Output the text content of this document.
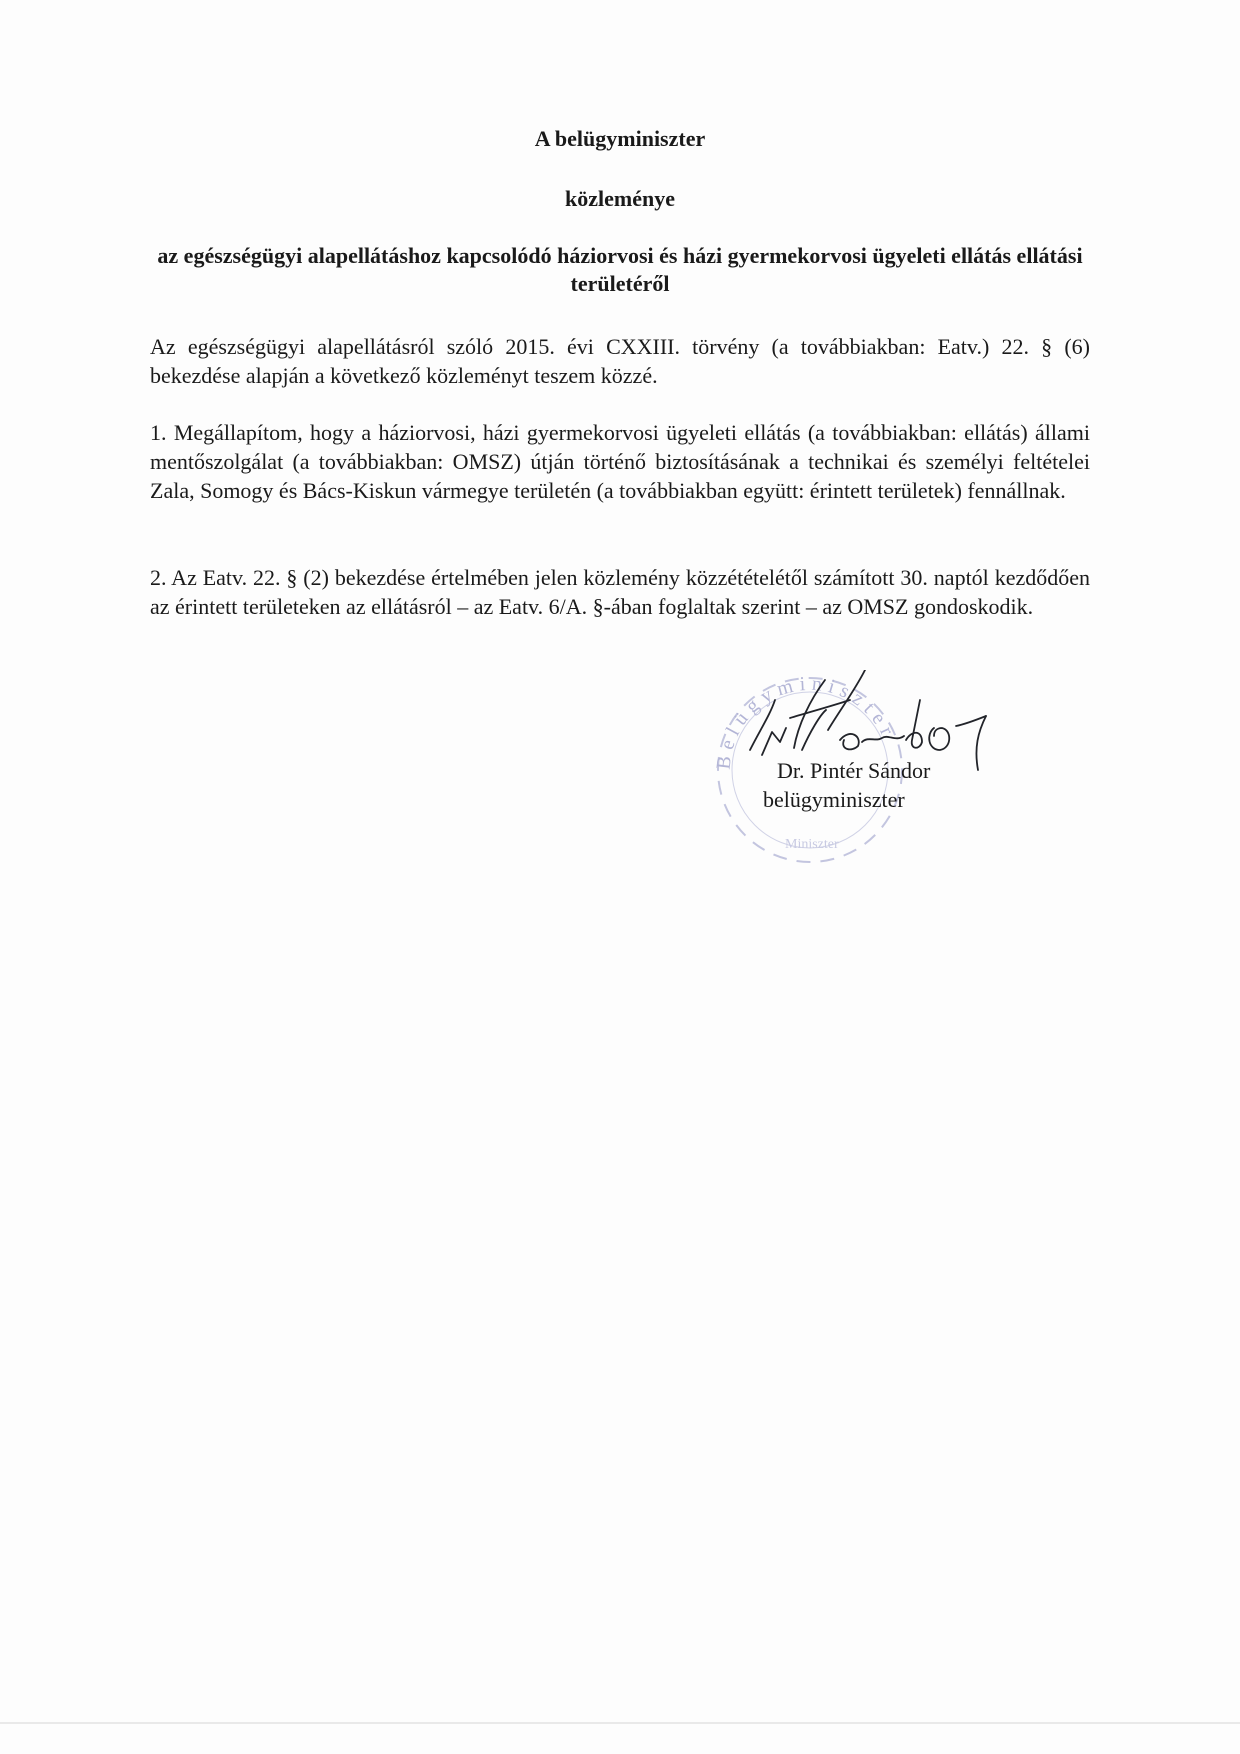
A belügyminiszter

közleménye

az egészségügyi alapellátáshoz kapcsolódó háziorvosi és házi gyermekorvosi ügyeleti ellátás ellátási területéről

Az egészségügyi alapellátásról szóló 2015. évi CXXIII. törvény (a továbbiakban: Eatv.) 22. § (6) bekezdése alapján a következő közleményt teszem közzé.

1. Megállapítom, hogy a háziorvosi, házi gyermekorvosi ügyeleti ellátás (a továbbiakban: ellátás) állami mentőszolgálat (a továbbiakban: OMSZ) útján történő biztosításának a technikai és személyi feltételei Zala, Somogy és Bács-Kiskun vármegye területén (a továbbiakban együtt: érintett területek) fennállnak.

2. Az Eatv. 22. § (2) bekezdése értelmében jelen közlemény közzétételétől számított 30. naptól kezdődően az érintett területeken az ellátásról – az Eatv. 6/A. §-ában foglaltak szerint – az OMSZ gondoskodik.

Belügyminiszter
Miniszter

Dr. Pintér Sándor

belügyminiszter
